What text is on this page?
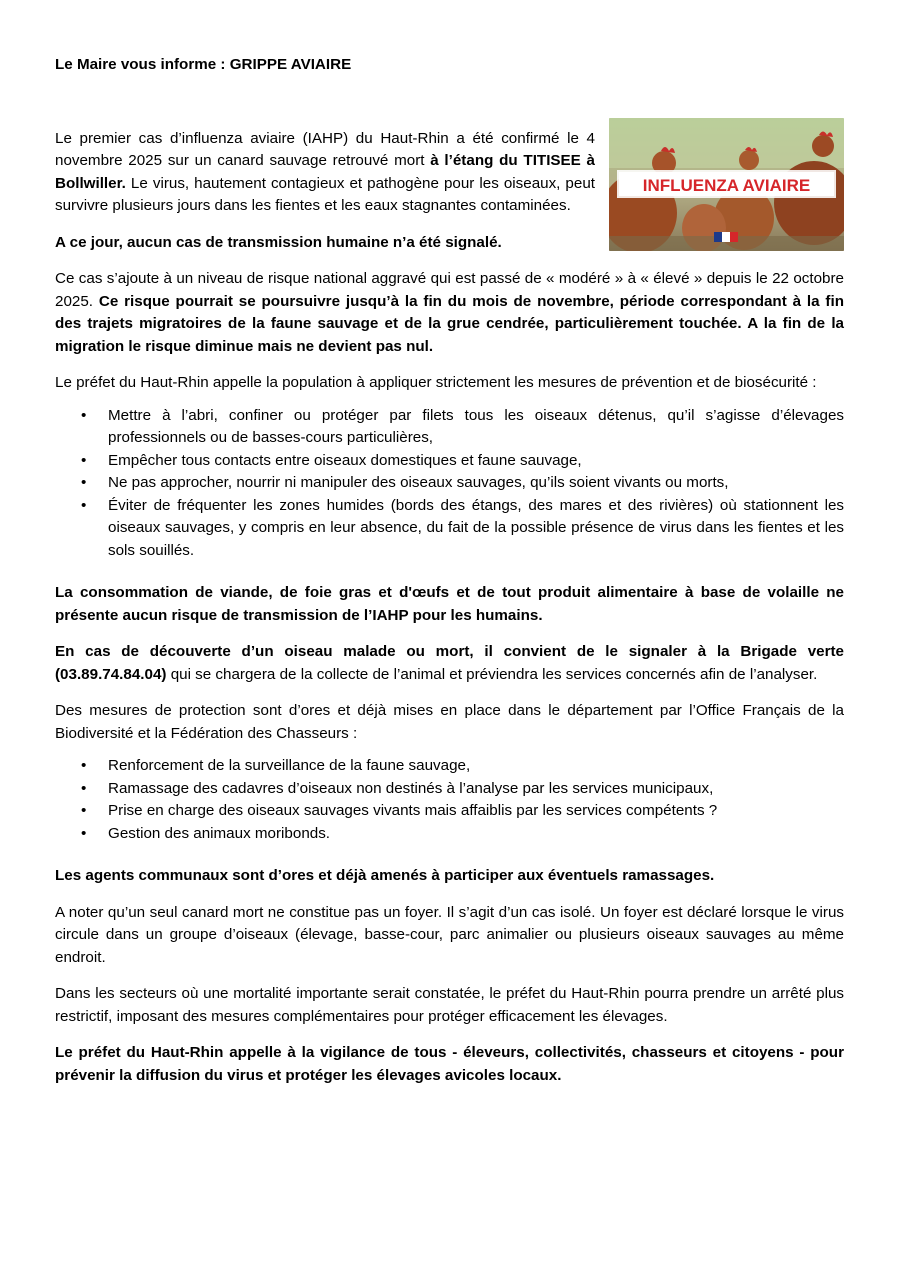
Le Maire vous informe : GRIPPE AVIAIRE

INFLUENZA AVIAIRE

Le premier cas d’influenza aviaire (IAHP) du Haut-Rhin a été confirmé le 4 novembre 2025 sur un canard sauvage retrouvé mort à l’étang du TITISEE à Bollwiller. Le virus, hautement contagieux et pathogène pour les oiseaux, peut survivre plusieurs jours dans les fientes et les eaux stagnantes contaminées.

A ce jour, aucun cas de transmission humaine n’a été signalé.

Ce cas s’ajoute à un niveau de risque national aggravé qui est passé de « modéré » à « élevé » depuis le 22 octobre 2025. Ce risque pourrait se poursuivre jusqu’à la fin du mois de novembre, période correspondant à la fin des trajets migratoires de la faune sauvage et de la grue cendrée, particulièrement touchée. A la fin de la migration le risque diminue mais ne devient pas nul.

Le préfet du Haut-Rhin appelle la population à appliquer strictement les mesures de prévention et de biosécurité :

• Mettre à l’abri, confiner ou protéger par filets tous les oiseaux détenus, qu’il s’agisse d’élevages professionnels ou de basses-cours particulières,
• Empêcher tous contacts entre oiseaux domestiques et faune sauvage,
• Ne pas approcher, nourrir ni manipuler des oiseaux sauvages, qu’ils soient vivants ou morts,
• Éviter de fréquenter les zones humides (bords des étangs, des mares et des rivières) où stationnent les oiseaux sauvages, y compris en leur absence, du fait de la possible présence de virus dans les fientes et les sols souillés.

La consommation de viande, de foie gras et d'œufs et de tout produit alimentaire à base de volaille ne présente aucun risque de transmission de l’IAHP pour les humains.

En cas de découverte d’un oiseau malade ou mort, il convient de le signaler à la Brigade verte (03.89.74.84.04) qui se chargera de la collecte de l’animal et préviendra les services concernés afin de l’analyser.

Des mesures de protection sont d’ores et déjà mises en place dans le département par l’Office Français de la Biodiversité et la Fédération des Chasseurs :

• Renforcement de la surveillance de la faune sauvage,
• Ramassage des cadavres d’oiseaux non destinés à l’analyse par les services municipaux,
• Prise en charge des oiseaux sauvages vivants mais affaiblis par les services compétents ?
• Gestion des animaux moribonds.

Les agents communaux sont d’ores et déjà amenés à participer aux éventuels ramassages.

A noter qu’un seul canard mort ne constitue pas un foyer. Il s’agit d’un cas isolé. Un foyer est déclaré lorsque le virus circule dans un groupe d’oiseaux (élevage, basse-cour, parc animalier ou plusieurs oiseaux sauvages au même endroit.

Dans les secteurs où une mortalité importante serait constatée, le préfet du Haut-Rhin pourra prendre un arrêté plus restrictif, imposant des mesures complémentaires pour protéger efficacement les élevages.

Le préfet du Haut-Rhin appelle à la vigilance de tous - éleveurs, collectivités, chasseurs et citoyens - pour prévenir la diffusion du virus et protéger les élevages avicoles locaux.
